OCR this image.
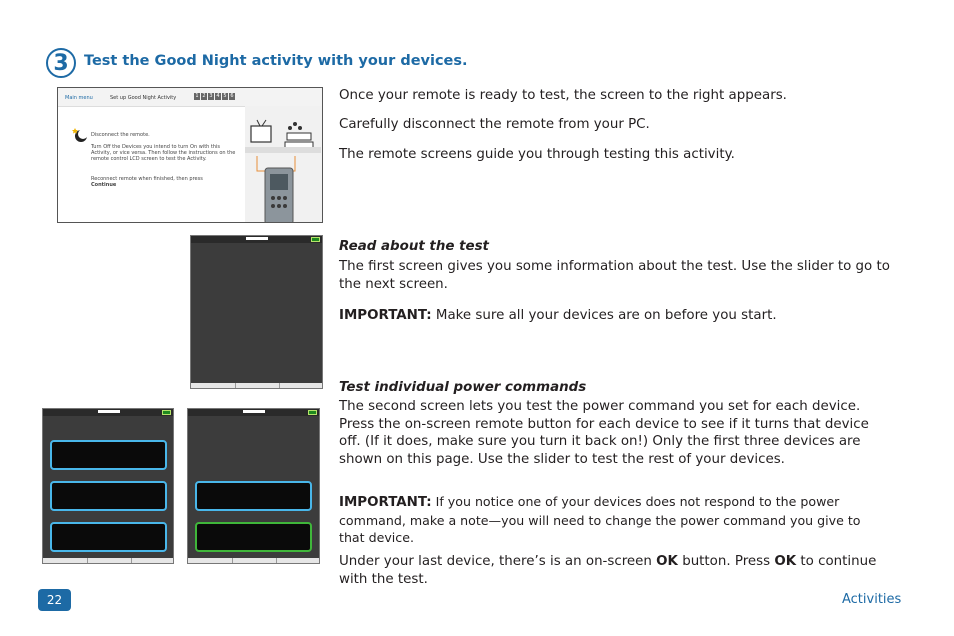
3	Test the Good Night activity with your devices.
Main menu	Set up Good Night Activity	1 2 3 4 5 6
Disconnect the remote.
Turn Off the Devices you intend to turn On with this Activity, or vice versa. Then follow the instructions on the remote control LCD screen to test the Activity.
Reconnect remote when finished, then press
Continue
Once your remote is ready to test, the screen to the right appears.
Carefully disconnect the remote from your PC.
The remote screens guide you through testing this activity.
Read about the test
The first screen gives you some information about the test. Use the slider to go to the next screen.
IMPORTANT: Make sure all your devices are on before you start.
Test individual power commands
The second screen lets you test the power command you set for each device. Press the on-screen remote button for each device to see if it turns that device off. (If it does, make sure you turn it back on!) Only the first three devices are shown on this page. Use the slider to test the rest of your devices.
IMPORTANT: If you notice one of your devices does not respond to the power command, make a note—you will need to change the power command you give to that device.
Under your last device, there’s is an on-screen OK button. Press OK to continue with the test.
22	Activities
